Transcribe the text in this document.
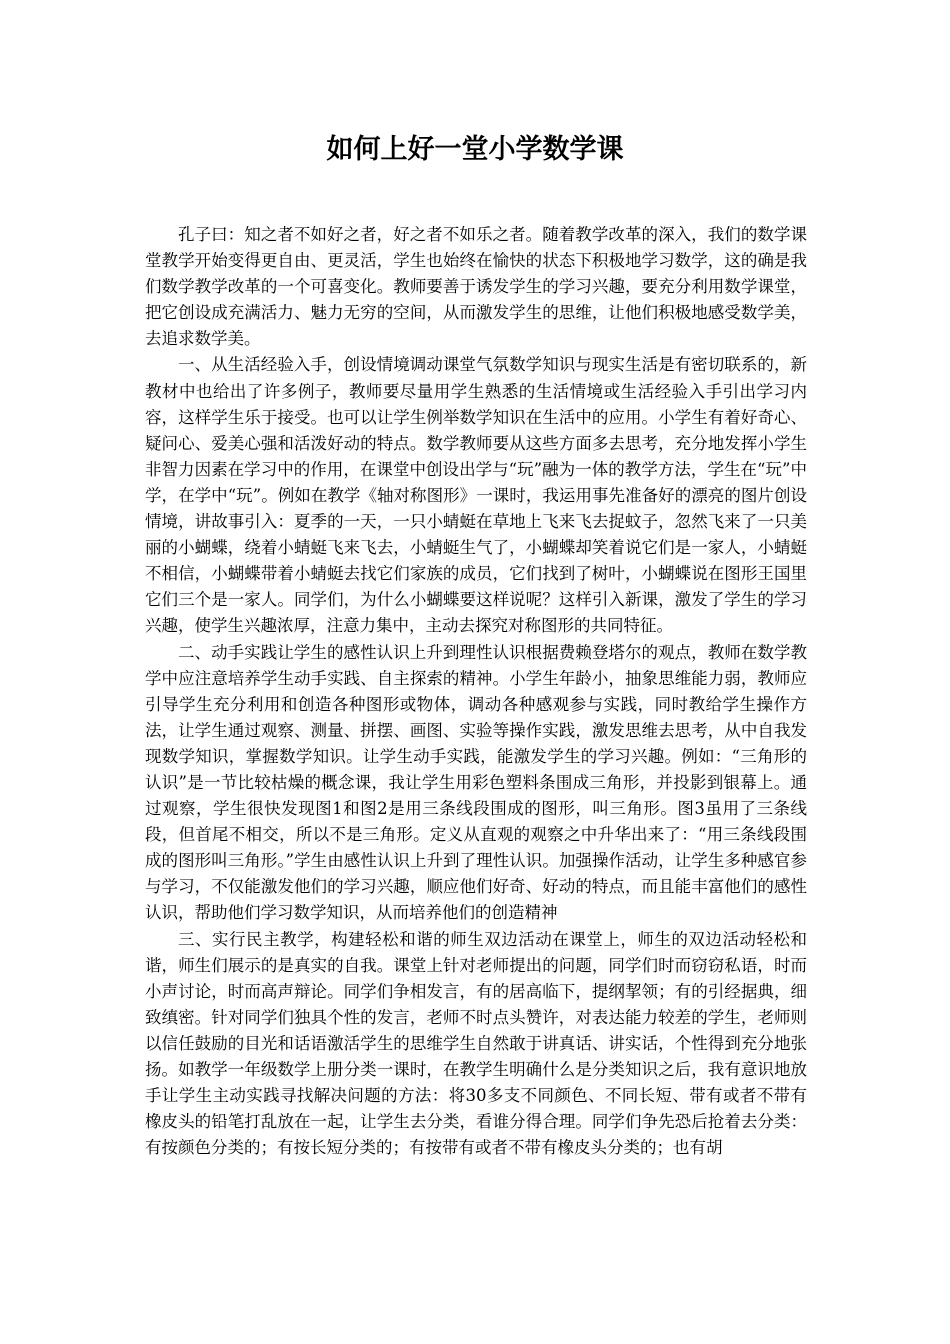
如何上好一堂小学数学课

孔子曰：知之者不如好之者，好之者不如乐之者。随着教学改革的深入，我们的数学课堂教学开始变得更自由、更灵活，学生也始终在愉快的状态下积极地学习数学，这的确是我们数学教学改革的一个可喜变化。教师要善于诱发学生的学习兴趣，要充分利用数学课堂，把它创设成充满活力、魅力无穷的空间，从而激发学生的思维，让他们积极地感受数学美，去追求数学美。

一、从生活经验入手，创设情境调动课堂气氛数学知识与现实生活是有密切联系的，新教材中也给出了许多例子，教师要尽量用学生熟悉的生活情境或生活经验入手引出学习内容，这样学生乐于接受。也可以让学生例举数学知识在生活中的应用。小学生有着好奇心、疑问心、爱美心强和活泼好动的特点。数学教师要从这些方面多去思考，充分地发挥小学生非智力因素在学习中的作用，在课堂中创设出学与“玩”融为一体的教学方法，学生在“玩”中学，在学中“玩”。例如在教学《轴对称图形》一课时，我运用事先准备好的漂亮的图片创设情境，讲故事引入：夏季的一天，一只小蜻蜓在草地上飞来飞去捉蚊子，忽然飞来了一只美丽的小蝴蝶，绕着小蜻蜓飞来飞去，小蜻蜓生气了，小蝴蝶却笑着说它们是一家人，小蜻蜓不相信，小蝴蝶带着小蜻蜓去找它们家族的成员，它们找到了树叶，小蝴蝶说在图形王国里它们三个是一家人。同学们，为什么小蝴蝶要这样说呢？这样引入新课，激发了学生的学习兴趣，使学生兴趣浓厚，注意力集中，主动去探究对称图形的共同特征。

二、动手实践让学生的感性认识上升到理性认识根据费赖登塔尔的观点，教师在数学教学中应注意培养学生动手实践、自主探索的精神。小学生年龄小，抽象思维能力弱，教师应引导学生充分利用和创造各种图形或物体，调动各种感观参与实践，同时教给学生操作方法，让学生通过观察、测量、拼摆、画图、实验等操作实践，激发思维去思考，从中自我发现数学知识，掌握数学知识。让学生动手实践，能激发学生的学习兴趣。例如：“三角形的认识”是一节比较枯燥的概念课，我让学生用彩色塑料条围成三角形，并投影到银幕上。通过观察，学生很快发现图1和图2是用三条线段围成的图形，叫三角形。图3虽用了三条线段，但首尾不相交，所以不是三角形。定义从直观的观察之中升华出来了：“用三条线段围成的图形叫三角形。”学生由感性认识上升到了理性认识。加强操作活动，让学生多种感官参与学习，不仅能激发他们的学习兴趣，顺应他们好奇、好动的特点，而且能丰富他们的感性认识，帮助他们学习数学知识，从而培养他们的创造精神

三、实行民主教学，构建轻松和谐的师生双边活动在课堂上，师生的双边活动轻松和谐，师生们展示的是真实的自我。课堂上针对老师提出的问题，同学们时而窃窃私语，时而小声讨论，时而高声辩论。同学们争相发言，有的居高临下，提纲挈领；有的引经据典，细致缜密。针对同学们独具个性的发言，老师不时点头赞许，对表达能力较差的学生，老师则以信任鼓励的目光和话语激活学生的思维学生自然敢于讲真话、讲实话，个性得到充分地张扬。如教学一年级数学上册分类一课时，在教学生明确什么是分类知识之后，我有意识地放手让学生主动实践寻找解决问题的方法：将30多支不同颜色、不同长短、带有或者不带有橡皮头的铅笔打乱放在一起，让学生去分类，看谁分得合理。同学们争先恐后抢着去分类：有按颜色分类的；有按长短分类的；有按带有或者不带有橡皮头分类的；也有胡
